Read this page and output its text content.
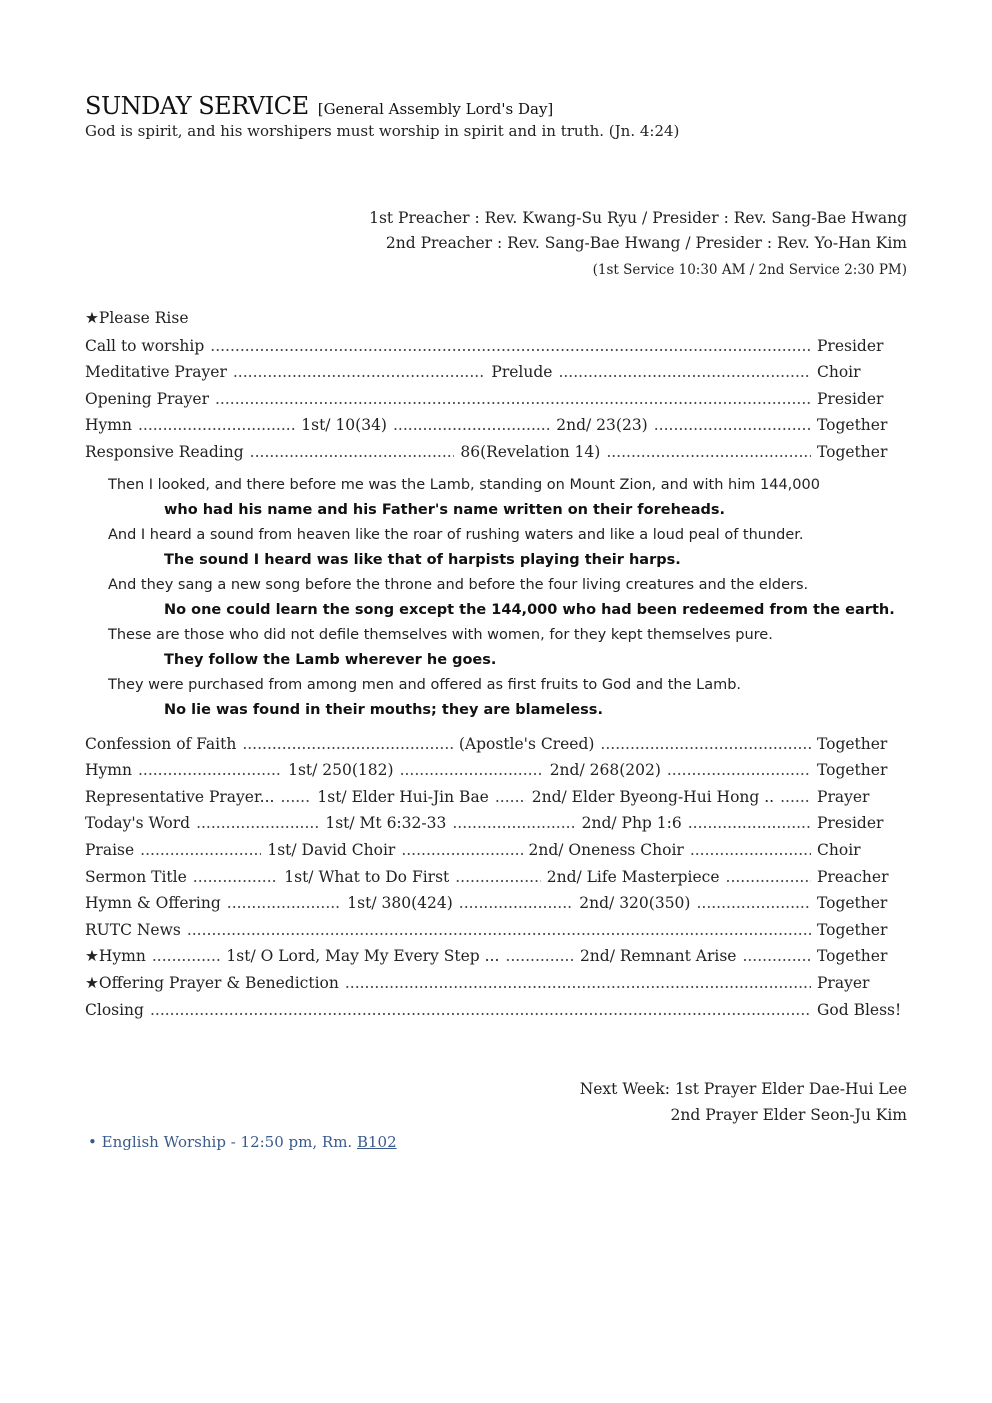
SUNDAY SERVICE [General Assembly Lord's Day]
God is spirit, and his worshipers must worship in spirit and in truth. (Jn. 4:24)
1st Preacher : Rev. Kwang-Su Ryu / Presider : Rev. Sang-Bae Hwang
2nd Preacher : Rev. Sang-Bae Hwang / Presider : Rev. Yo-Han Kim
(1st Service 10:30 AM / 2nd Service 2:30 PM)
★Please Rise
Call to worship .....	Presider
Meditative Prayer .....	Prelude .....	Choir
Opening Prayer .....	Presider
Hymn .....	1st/ 10(34) .....	2nd/ 23(23) .....	Together
Responsive Reading .....	86(Revelation 14) .....	Together
Then I looked, and there before me was the Lamb, standing on Mount Zion, and with him 144,000
who had his name and his Father's name written on their foreheads.
And I heard a sound from heaven like the roar of rushing waters and like a loud peal of thunder.
The sound I heard was like that of harpists playing their harps.
And they sang a new song before the throne and before the four living creatures and the elders.
No one could learn the song except the 144,000 who had been redeemed from the earth.
These are those who did not defile themselves with women, for they kept themselves pure.
They follow the Lamb wherever he goes.
They were purchased from among men and offered as first fruits to God and the Lamb.
No lie was found in their mouths; they are blameless.
Confession of Faith .....	(Apostle's Creed) .....	Together
Hymn .....	1st/ 250(182) .....	2nd/ 268(202) .....	Together
Representative Prayer... .....	1st/ Elder Hui-Jin Bae .....	2nd/ Elder Byeong-Hui Hong .. .....	Prayer
Today's Word .....	1st/ Mt 6:32-33 .....	2nd/ Php 1:6 .....	Presider
Praise .....	1st/ David Choir .....	2nd/ Oneness Choir .....	Choir
Sermon Title .....	1st/ What to Do First .....	2nd/ Life Masterpiece .....	Preacher
Hymn & Offering .....	1st/ 380(424) .....	2nd/ 320(350) .....	Together
RUTC News .....	Together
★Hymn .....	1st/ O Lord, May My Every Step ... .....	2nd/ Remnant Arise .....	Together
★Offering Prayer & Benediction .....	Prayer
Closing .....	God Bless!
Next Week: 1st Prayer Elder Dae-Hui Lee
2nd Prayer Elder Seon-Ju Kim
• English Worship - 12:50 pm, Rm. B102
